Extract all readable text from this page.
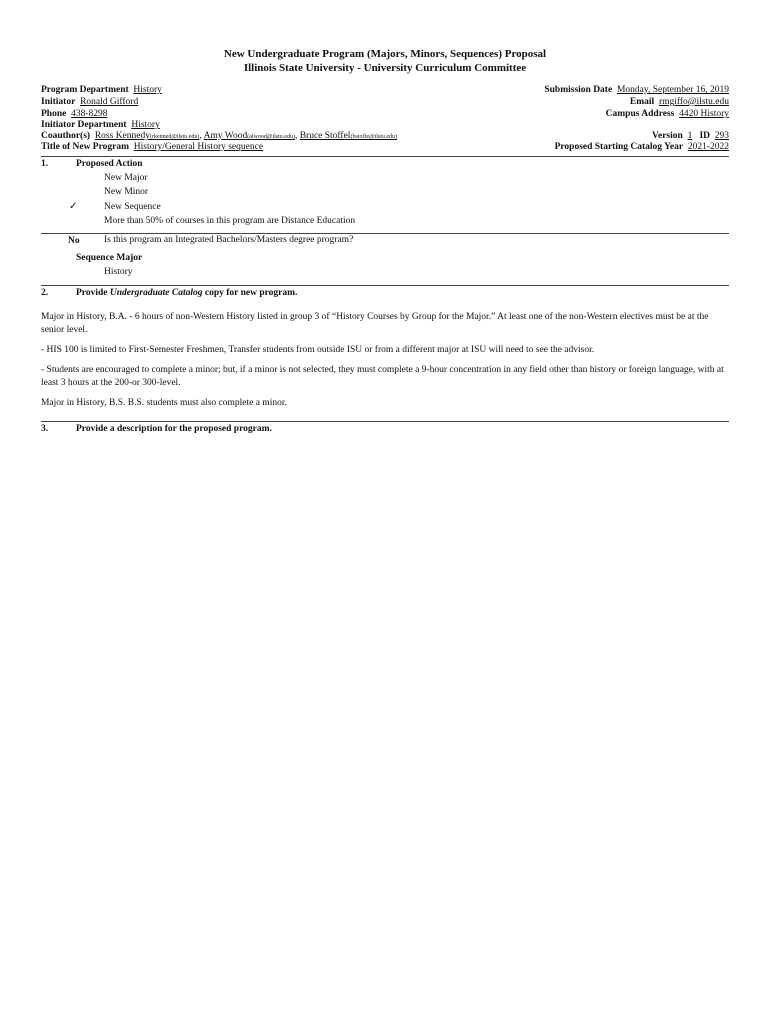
New Undergraduate Program (Majors, Minors, Sequences) Proposal
Illinois State University - University Curriculum Committee
Program Department History
Initiator Ronald Gifford
Phone 438-8298
Initiator Department History
Coauthor(s) Ross Kennedy(rkenned@ilstu.edu), Amy Wood(alwood@ilstu.edu), Bruce Stoffel(bstoffe@ilstu.edu)
Title of New Program History/General History sequence
Submission Date Monday, September 16, 2019
Email rmgiffo@ilstu.edu
Campus Address 4420 History
Version 1 ID 293
Proposed Starting Catalog Year 2021-2022
1.	Proposed Action
New Major
New Minor
✓	New Sequence
More than 50% of courses in this program are Distance Education
No	Is this program an Integrated Bachelors/Masters degree program?
Sequence Major
History
2.	Provide Undergraduate Catalog copy for new program.
Major in History, B.A. - 6 hours of non-Western History listed in group 3 of “History Courses by Group for the Major.” At least one of the non-Western electives must be at the senior level.
- HIS 100 is limited to First-Semester Freshmen, Transfer students from outside ISU or from a different major at ISU will need to see the advisor.
- Students are encouraged to complete a minor; but, if a minor is not selected, they must complete a 9-hour concentration in any field other than history or foreign language, with at least 3 hours at the 200-or 300-level.
Major in History, B.S. B.S. students must also complete a minor.
3.	Provide a description for the proposed program.
